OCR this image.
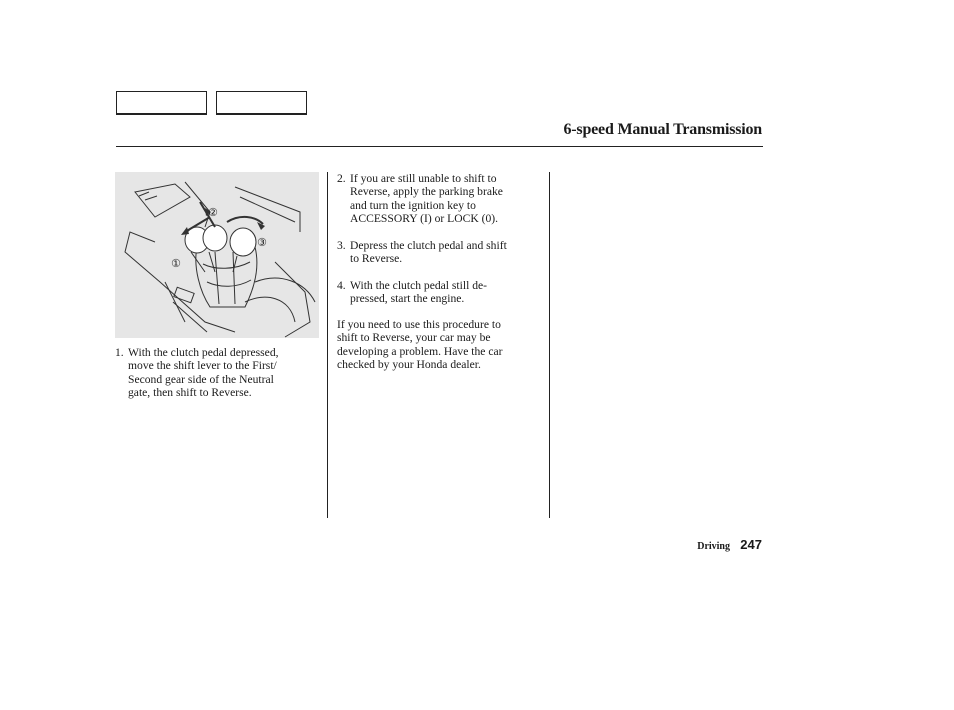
6-speed Manual Transmission
①
②
③
1. With the clutch pedal depressed,
move the shift lever to the First/
Second gear side of the Neutral
gate, then shift to Reverse.
2. If you are still unable to shift to
Reverse, apply the parking brake
and turn the ignition key to
ACCESSORY (I) or LOCK (0).
3. Depress the clutch pedal and shift
to Reverse.
4. With the clutch pedal still de-
pressed, start the engine.
If you need to use this procedure to
shift to Reverse, your car may be
developing a problem. Have the car
checked by your Honda dealer.
Driving 247
